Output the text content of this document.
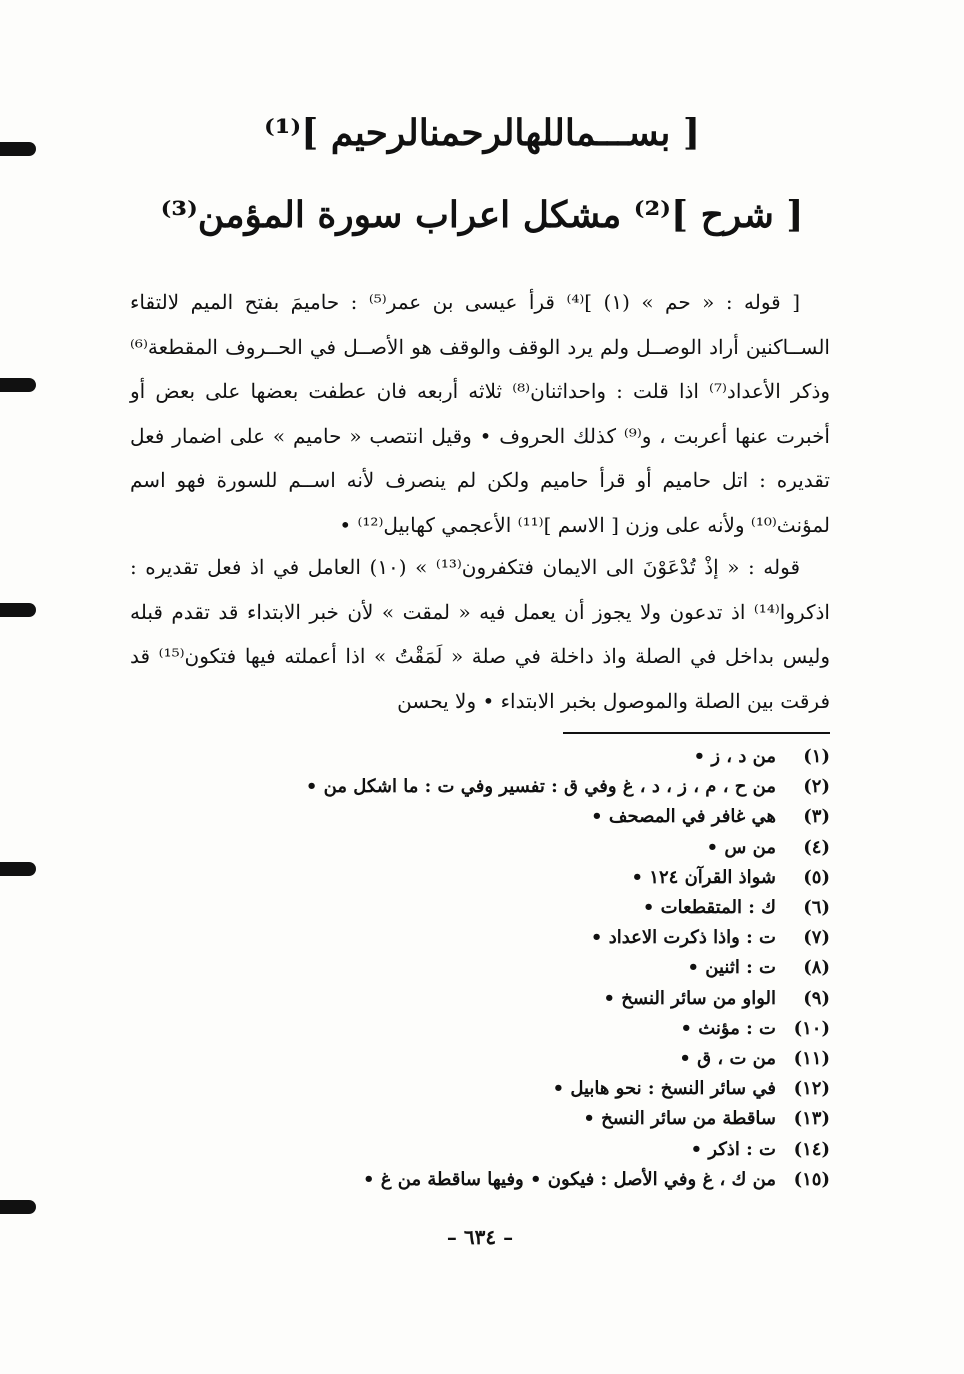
[ بســـماللهالرحمنالرحيم ]⁽¹⁾
[ شرح ]⁽²⁾ مشكل اعراب سورة المؤمن⁽³⁾

[ قوله : « حم » (١) ]⁽⁴⁾ قرأ عيسى بن عمر⁽⁵⁾ : حاميمَ بفتح الميم لالتقاء الســاكنين أراد الوصــل ولم يرد الوقف والوقف هو الأصــل في الحــروف المقطعة⁽⁶⁾ وذكر الأعداد⁽⁷⁾ اذا قلت : واحداثنان⁽⁸⁾ ثلاثه أربعه فان عطفت بعضها على بعض أو أخبرت عنها أعربت ، و⁽⁹⁾ كذلك الحروف • وقيل انتصب « حاميم » على اضمار فعل تقديره : اتل حاميم أو قرأ حاميم ولكن لم ينصرف لأنه اســم للسورة فهو اسم لمؤنث⁽¹⁰⁾ ولأنه على وزن [ الاسم ]⁽¹¹⁾ الأعجمي كهابيل⁽¹²⁾ •

قوله : « إذْ تُدْعَوْنَ الى الايمان فتكفرون⁽¹³⁾ » (١٠) العامل في اذ فعل تقديره : اذكروا⁽¹⁴⁾ اذ تدعون ولا يجوز أن يعمل فيه « لمقت » لأن خبر الابتداء قد تقدم قبله وليس بداخل في الصلة واذ داخلة في صلة « لَمَقْتُ » اذا أعملته فيها فتكون⁽¹⁵⁾ قد فرقت بين الصلة والموصول بخبر الابتداء • ولا يحسن

(١)
من د ، ز •
(٢)
من ح ، م ، ز ، د ، غ وفي ق : تفسير وفي ت : ما اشكل من •
(٣)
هي غافر في المصحف •
(٤)
من س •
(٥)
شواذ القرآن ١٢٤ •
(٦)
ك : المتقطعات •
(٧)
ت : واذا ذكرت الاعداد •
(٨)
ت : اثنين •
(٩)
الواو من سائر النسخ •
(١٠)
ت : مؤنث •
(١١)
من ت ، ق •
(١٢)
في سائر النسخ : نحو هابيل •
(١٣)
ساقطة من سائر النسخ •
(١٤)
ت : اذكر •
(١٥)
من ك ، غ وفي الأصل : فيكون • وفيها ساقطة من غ •
– ٦٣٤ –
